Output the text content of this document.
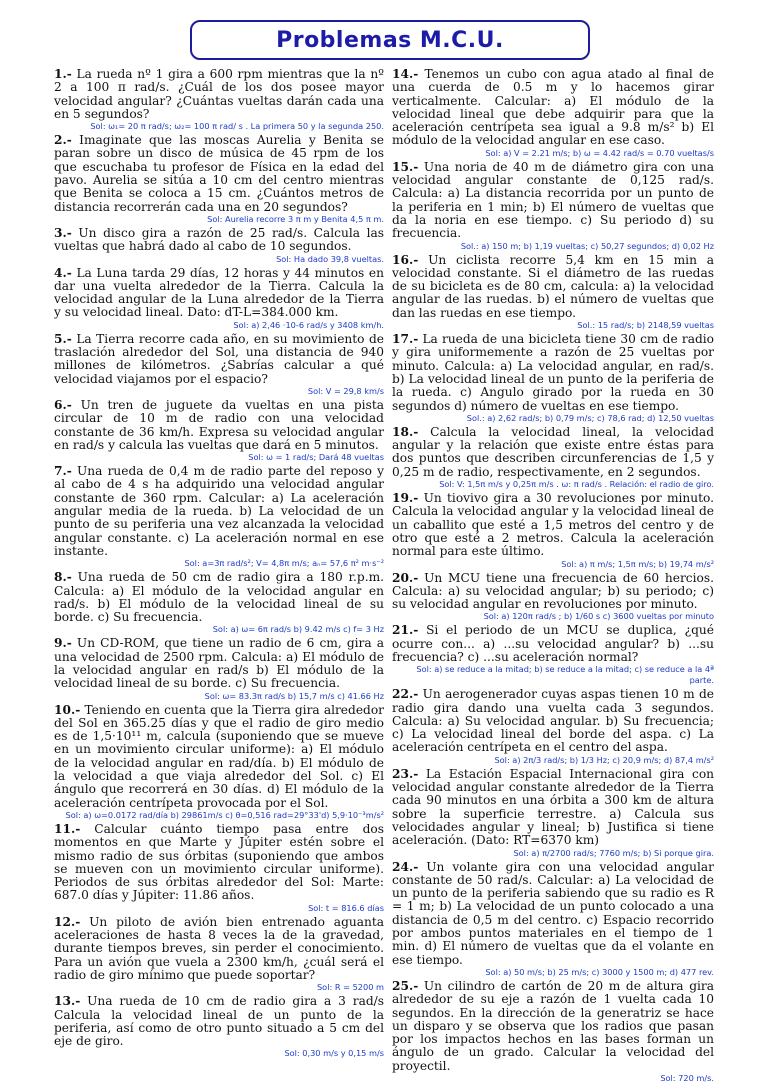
Problemas M.C.U.
1.- La rueda nº 1 gira a 600 rpm mientras que la nº 2 a 100 π rad/s. ¿Cuál de los dos posee mayor velocidad angular? ¿Cuántas vueltas darán cada una en 5 segundos?
Sol: ω₁= 20 π rad/s; ω₂= 100 π rad/ s . La primera 50 y la segunda 250.
2.- Imaginate que las moscas Aurelia y Benita se paran sobre un disco de música de 45 rpm de los que escuchaba tu profesor de Física en la edad del pavo. Aurelia se sitúa a 10 cm del centro mientras que Benita se coloca a 15 cm. ¿Cuántos metros de distancia recorrerán cada una en 20 segundos?
Sol: Aurelia recorre 3 π m y Benita 4,5 π m.
3.- Un disco gira a razón de 25 rad/s. Calcula las vueltas que habrá dado al cabo de 10 segundos.
Sol: Ha dado 39,8 vueltas.
4.- La Luna tarda 29 días, 12 horas y 44 minutos en dar una vuelta alrededor de la Tierra. Calcula la velocidad angular de la Luna alrededor de la Tierra y su velocidad lineal. Dato: dT-L=384.000 km.
Sol: a) 2,46 ·10-6 rad/s y 3408 km/h.
5.- La Tierra recorre cada año, en su movimiento de traslación alrededor del Sol, una distancia de 940 millones de kilómetros. ¿Sabrías calcular a qué velocidad viajamos por el espacio?
Sol: V = 29,8 km/s
6.- Un tren de juguete da vueltas en una pista circular de 10 m de radio con una velocidad constante de 36 km/h. Expresa su velocidad angular en rad/s y calcula las vueltas que dará en 5 minutos.
Sol: ω = 1 rad/s; Dará 48 vueltas
7.- Una rueda de 0,4 m de radio parte del reposo y al cabo de 4 s ha adquirido una velocidad angular constante de 360 rpm. Calcular: a) La aceleración angular media de la rueda. b) La velocidad de un punto de su periferia una vez alcanzada la velocidad angular constante. c) La aceleración normal en ese instante.
Sol: a=3π rad/s²; V= 4,8π m/s; aₙ= 57,6 π² m·s⁻²
8.- Una rueda de 50 cm de radio gira a 180 r.p.m. Calcula: a) El módulo de la velocidad angular en rad/s. b) El módulo de la velocidad lineal de su borde. c) Su frecuencia.
Sol: a) ω= 6π rad/s b) 9.42 m/s c) f= 3 Hz
9.- Un CD-ROM, que tiene un radio de 6 cm, gira a una velocidad de 2500 rpm. Calcula: a) El módulo de la velocidad angular en rad/s b) El módulo de la velocidad lineal de su borde. c) Su frecuencia.
Sol: ω= 83.3π rad/s b) 15,7 m/s c) 41.66 Hz
10.- Teniendo en cuenta que la Tierra gira alrededor del Sol en 365.25 días y que el radio de giro medio es de 1,5·10¹¹ m, calcula (suponiendo que se mueve en un movimiento circular uniforme): a) El módulo de la velocidad angular en rad/día. b) El módulo de la velocidad a que viaja alrededor del Sol. c) El ángulo que recorrerá en 30 días. d) El módulo de la aceleración centrípeta provocada por el Sol.
Sol: a) ω=0.0172 rad/día b) 29861m/s c) θ=0,516 rad=29°33'd) 5,9·10⁻³m/s²
11.- Calcular cuánto tiempo pasa entre dos momentos en que Marte y Júpiter estén sobre el mismo radio de sus órbitas (suponiendo que ambos se mueven con un movimiento circular uniforme). Periodos de sus órbitas alrededor del Sol: Marte: 687.0 días y Júpiter: 11.86 años.
Sol: t = 816.6 días
12.- Un piloto de avión bien entrenado aguanta aceleraciones de hasta 8 veces la de la gravedad, durante tiempos breves, sin perder el conocimiento. Para un avión que vuela a 2300 km/h, ¿cuál será el radio de giro mínimo que puede soportar?
Sol: R = 5200 m
13.- Una rueda de 10 cm de radio gira a 3 rad/s Calcula la velocidad lineal de un punto de la periferia, así como de otro punto situado a 5 cm del eje de giro.
Sol: 0,30 m/s y 0,15 m/s
14.- Tenemos un cubo con agua atado al final de una cuerda de 0.5 m y lo hacemos girar verticalmente. Calcular: a) El módulo de la velocidad lineal que debe adquirir para que la aceleración centrípeta sea igual a 9.8 m/s² b) El módulo de la velocidad angular en ese caso.
Sol: a) V = 2.21 m/s; b) ω = 4.42 rad/s = 0.70 vueltas/s
15.- Una noria de 40 m de diámetro gira con una velocidad angular constante de 0,125 rad/s. Calcula: a) La distancia recorrida por un punto de la periferia en 1 min; b) El número de vueltas que da la noria en ese tiempo. c) Su periodo d) su frecuencia.
Sol.: a) 150 m; b) 1,19 vueltas; c) 50,27 segundos; d) 0,02 Hz
16.- Un ciclista recorre 5,4 km en 15 min a velocidad constante. Si el diámetro de las ruedas de su bicicleta es de 80 cm, calcula: a) la velocidad angular de las ruedas. b) el número de vueltas que dan las ruedas en ese tiempo.
Sol.: 15 rad/s; b) 2148,59 vueltas
17.- La rueda de una bicicleta tiene 30 cm de radio y gira uniformemente a razón de 25 vueltas por minuto. Calcula: a) La velocidad angular, en rad/s. b) La velocidad lineal de un punto de la periferia de la rueda. c) Angulo girado por la rueda en 30 segundos d) número de vueltas en ese tiempo.
Sol.: a) 2,62 rad/s; b) 0,79 m/s; c) 78,6 rad; d) 12,50 vueltas
18.- Calcula la velocidad lineal, la velocidad angular y la relación que existe entre éstas para dos puntos que describen circunferencias de 1,5 y 0,25 m de radio, respectivamente, en 2 segundos.
Sol: V: 1,5π m/s y 0,25π m/s . ω: π rad/s . Relación: el radio de giro.
19.- Un tiovivo gira a 30 revoluciones por minuto. Calcula la velocidad angular y la velocidad lineal de un caballito que esté a 1,5 metros del centro y de otro que esté a 2 metros. Calcula la aceleración normal para este último.
Sol: a) π m/s; 1,5π m/s; b) 19,74 m/s²
20.- Un MCU tiene una frecuencia de 60 hercios. Calcula: a) su velocidad angular; b) su periodo; c) su velocidad angular en revoluciones por minuto.
Sol: a) 120π rad/s ; b) 1/60 s c) 3600 vueltas por minuto
21.- Si el periodo de un MCU se duplica, ¿qué ocurre con... a) ...su velocidad angular? b) ...su frecuencia? c) ...su aceleración normal?
Sol: a) se reduce a la mitad; b) se reduce a la mitad; c) se reduce a la 4ª parte.
22.- Un aerogenerador cuyas aspas tienen 10 m de radio gira dando una vuelta cada 3 segundos. Calcula: a) Su velocidad angular. b) Su frecuencia; c) La velocidad lineal del borde del aspa. c) La aceleración centrípeta en el centro del aspa.
Sol: a) 2π/3 rad/s; b) 1/3 Hz; c) 20,9 m/s; d) 87,4 m/s²
23.- La Estación Espacial Internacional gira con velocidad angular constante alrededor de la Tierra cada 90 minutos en una órbita a 300 km de altura sobre la superficie terrestre. a) Calcula sus velocidades angular y lineal; b) Justifica si tiene aceleración. (Dato: RT=6370 km)
Sol: a) π/2700 rad/s; 7760 m/s; b) Si porque gira.
24.- Un volante gira con una velocidad angular constante de 50 rad/s. Calcular: a) La velocidad de un punto de la periferia sabiendo que su radio es R = 1 m; b) La velocidad de un punto colocado a una distancia de 0,5 m del centro. c) Espacio recorrido por ambos puntos materiales en el tiempo de 1 min. d) El número de vueltas que da el volante en ese tiempo.
Sol: a) 50 m/s; b) 25 m/s; c) 3000 y 1500 m; d) 477 rev.
25.- Un cilindro de cartón de 20 m de altura gira alrededor de su eje a razón de 1 vuelta cada 10 segundos. En la dirección de la generatriz se hace un disparo y se observa que los radios que pasan por los impactos hechos en las bases forman un ángulo de un grado. Calcular la velocidad del proyectil.
Sol: 720 m/s.
